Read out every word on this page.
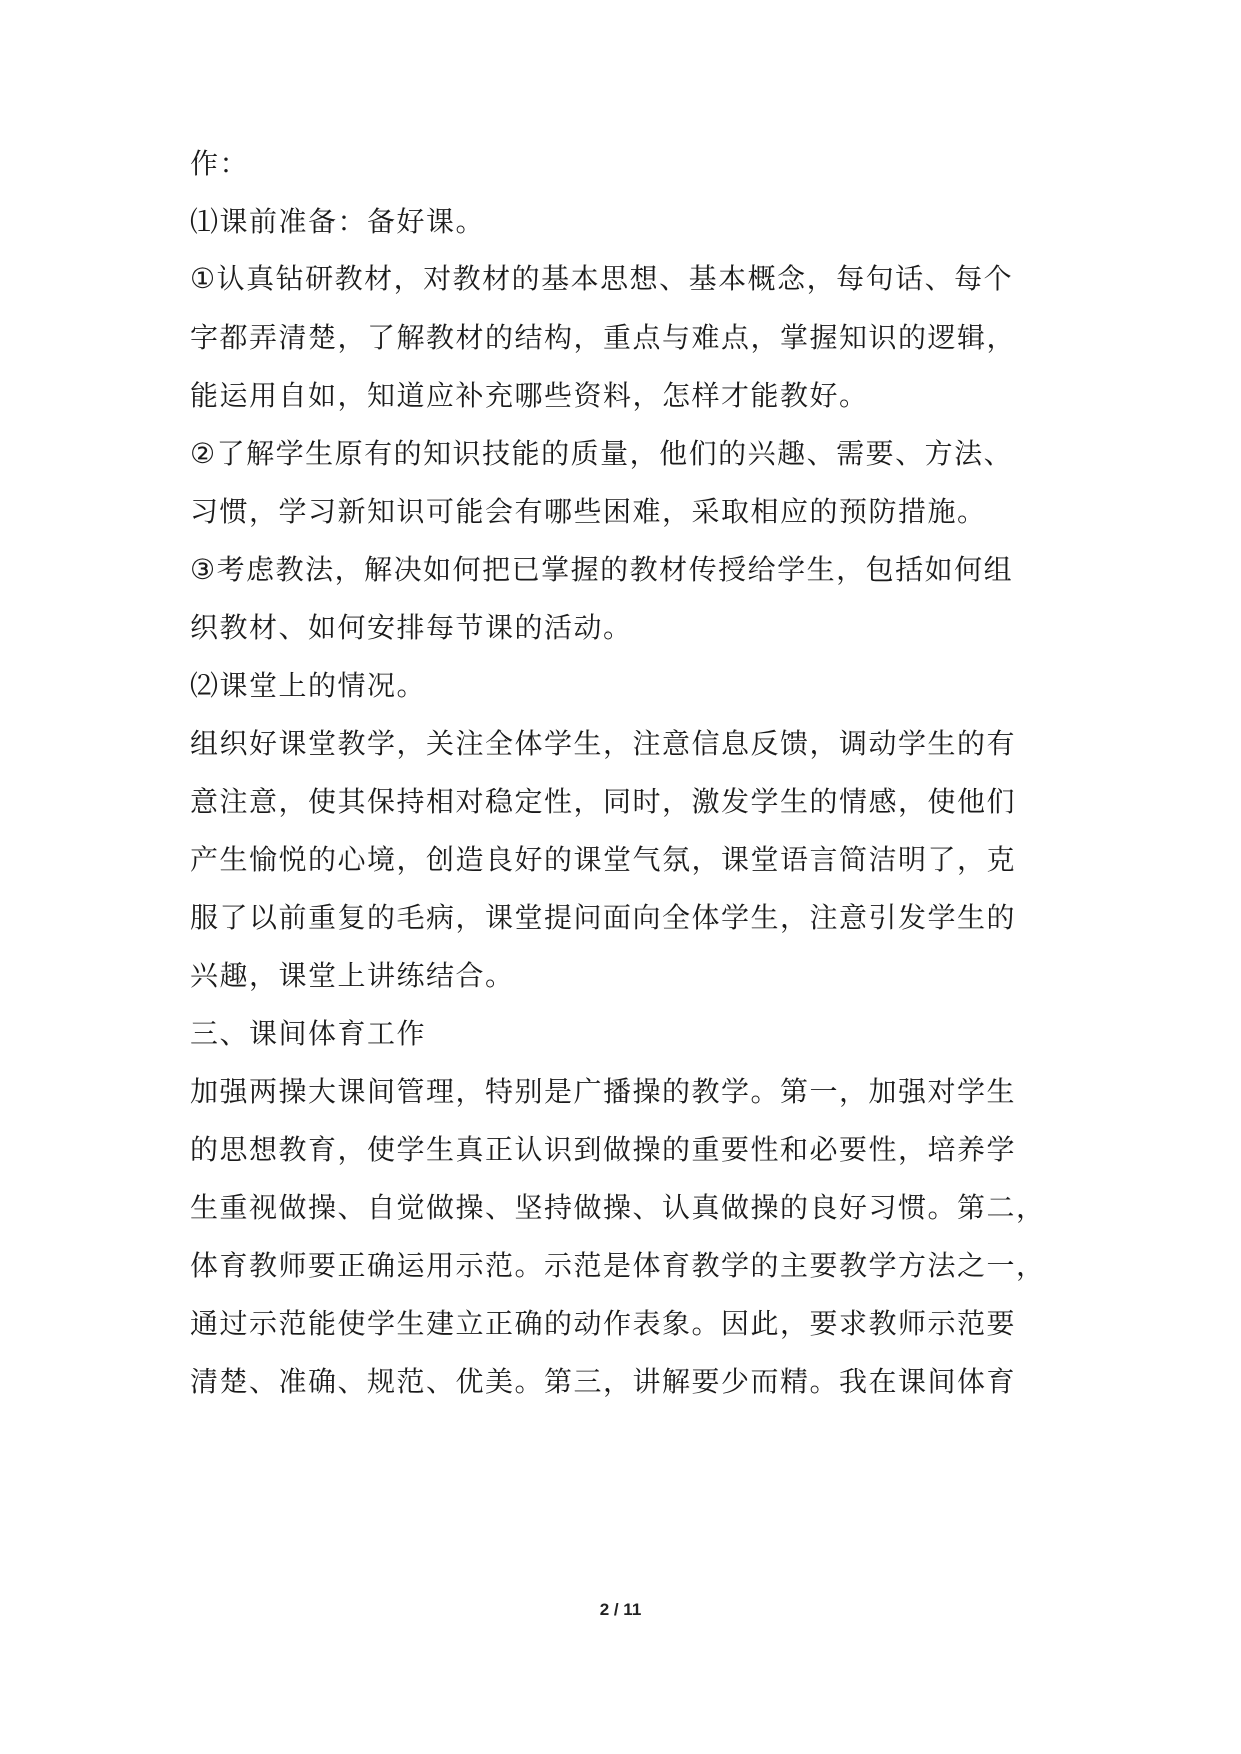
作：
⑴课前准备：备好课。
①认真钻研教材，对教材的基本思想、基本概念，每句话、每个
字都弄清楚，了解教材的结构，重点与难点，掌握知识的逻辑，
能运用自如，知道应补充哪些资料，怎样才能教好。
②了解学生原有的知识技能的质量，他们的兴趣、需要、方法、
习惯，学习新知识可能会有哪些困难，采取相应的预防措施。
③考虑教法，解决如何把已掌握的教材传授给学生，包括如何组
织教材、如何安排每节课的活动。
⑵课堂上的情况。
组织好课堂教学，关注全体学生，注意信息反馈，调动学生的有
意注意，使其保持相对稳定性，同时，激发学生的情感，使他们
产生愉悦的心境，创造良好的课堂气氛，课堂语言简洁明了，克
服了以前重复的毛病，课堂提问面向全体学生，注意引发学生的
兴趣，课堂上讲练结合。
三、课间体育工作
加强两操大课间管理，特别是广播操的教学。第一，加强对学生
的思想教育，使学生真正认识到做操的重要性和必要性，培养学
生重视做操、自觉做操、坚持做操、认真做操的良好习惯。第二，
体育教师要正确运用示范。示范是体育教学的主要教学方法之一，
通过示范能使学生建立正确的动作表象。因此，要求教师示范要
清楚、准确、规范、优美。第三，讲解要少而精。我在课间体育
2 / 11
